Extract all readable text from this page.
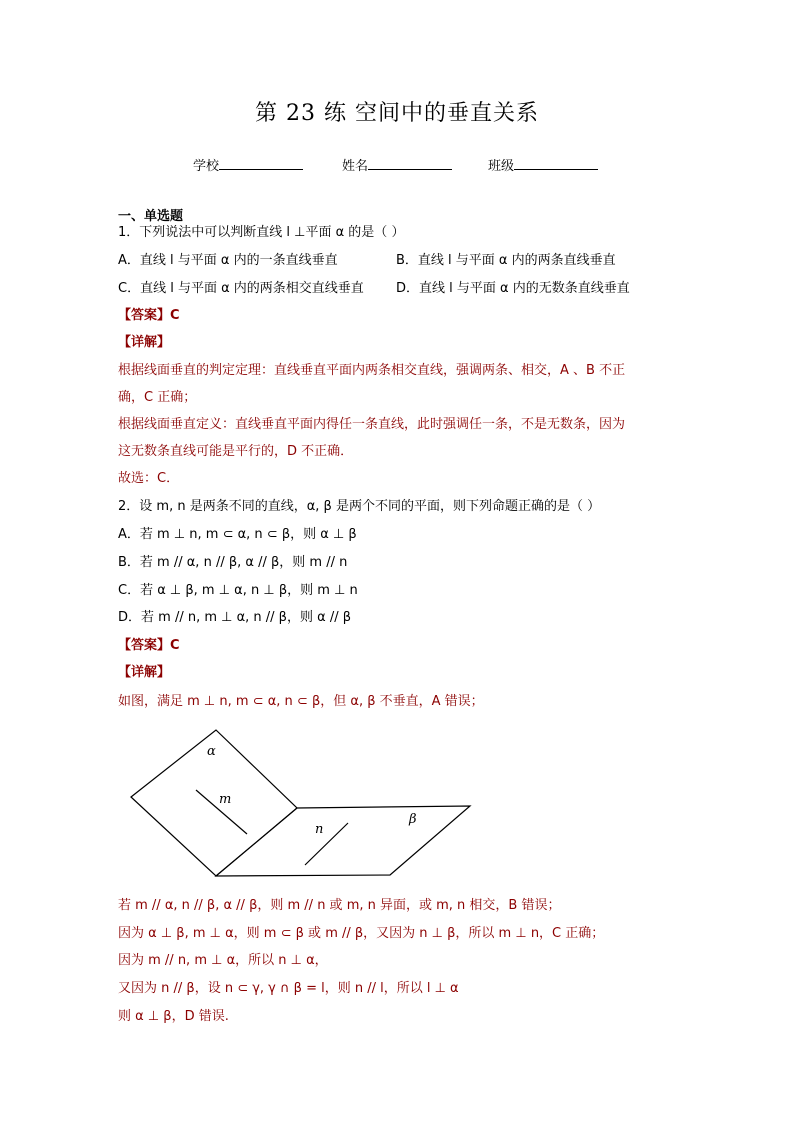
第 23 练 空间中的垂直关系
学校	姓名	班级
一、单选题
1．下列说法中可以判断直线 l ⊥平面 α 的是（ ）
A．直线 l 与平面 α 内的一条直线垂直	B．直线 l 与平面 α 内的两条直线垂直
C．直线 l 与平面 α 内的两条相交直线垂直 D．直线 l 与平面 α 内的无数条直线垂直
【答案】C
【详解】
根据线面垂直的判定定理：直线垂直平面内两条相交直线，强调两条、相交，A 、B 不正
确，C 正确；
根据线面垂直定义：直线垂直平面内得任一条直线，此时强调任一条，不是无数条，因为
这无数条直线可能是平行的，D 不正确．
故选：C．
2．设 m, n 是两条不同的直线，α, β 是两个不同的平面，则下列命题正确的是（ ）
A．若 m ⊥ n, m ⊂ α, n ⊂ β，则 α ⊥ β
B．若 m // α, n // β, α // β，则 m // n
C．若 α ⊥ β, m ⊥ α, n ⊥ β，则 m ⊥ n
D．若 m // n, m ⊥ α, n // β，则 α // β
【答案】C
【详解】
如图，满足 m ⊥ n, m ⊂ α, n ⊂ β，但 α, β 不垂直，A 错误；
α
m
n
β
若 m // α, n // β, α // β，则 m // n 或 m, n 异面，或 m, n 相交，B 错误；
因为 α ⊥ β, m ⊥ α，则 m ⊂ β 或 m // β，又因为 n ⊥ β，所以 m ⊥ n，C 正确；
因为 m // n, m ⊥ α，所以 n ⊥ α，
又因为 n // β，设 n ⊂ γ, γ ∩ β = l，则 n // l，所以 l ⊥ α
则 α ⊥ β，D 错误.
